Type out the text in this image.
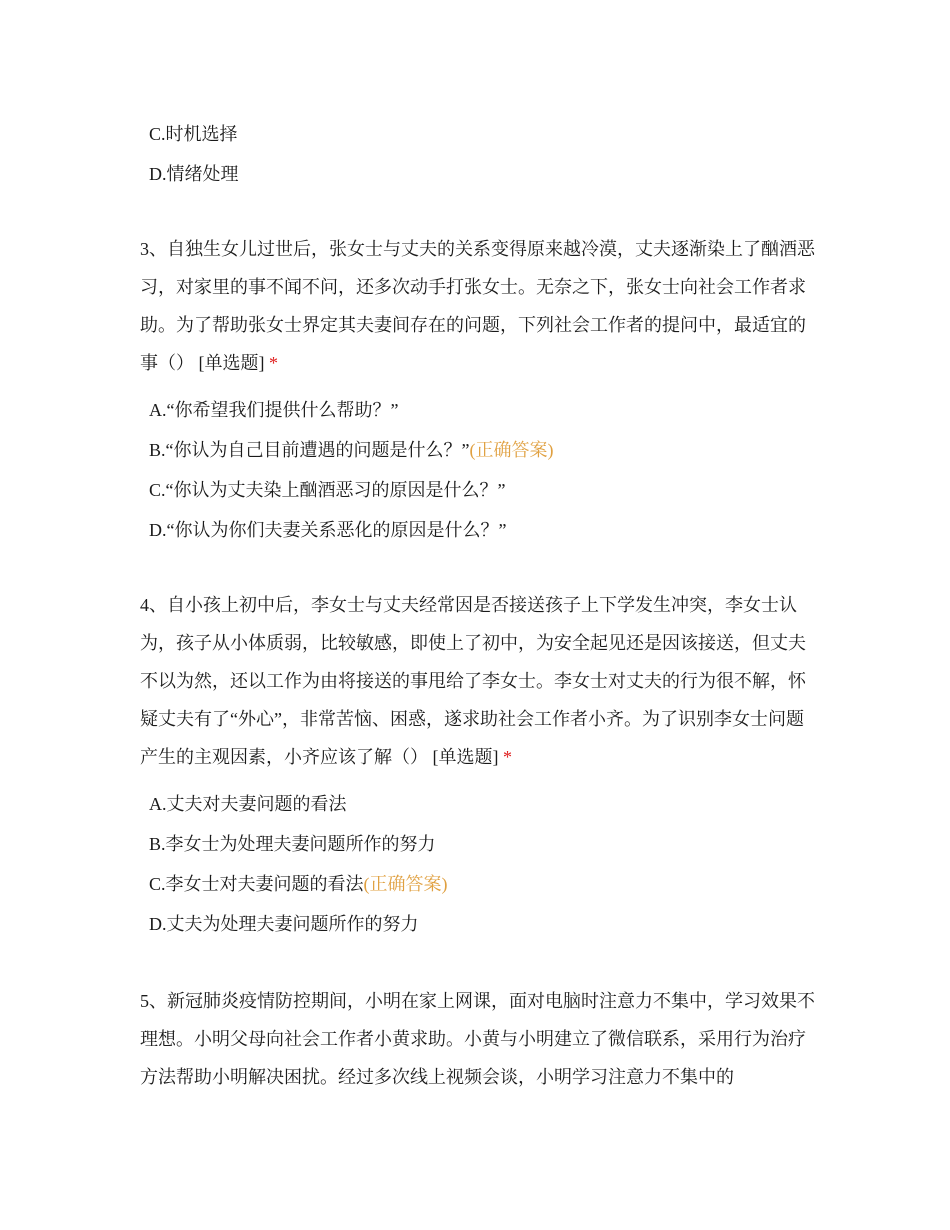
C.时机选择
D.情绪处理
3、自独生女儿过世后，张女士与丈夫的关系变得原来越冷漠，丈夫逐渐染上了酗酒恶习，对家里的事不闻不问，还多次动手打张女士。无奈之下，张女士向社会工作者求助。为了帮助张女士界定其夫妻间存在的问题，下列社会工作者的提问中，最适宜的事（） [单选题] *
A.“你希望我们提供什么帮助？”
B.“你认为自己目前遭遇的问题是什么？”(正确答案)
C.“你认为丈夫染上酗酒恶习的原因是什么？”
D.“你认为你们夫妻关系恶化的原因是什么？”
4、自小孩上初中后，李女士与丈夫经常因是否接送孩子上下学发生冲突，李女士认为，孩子从小体质弱，比较敏感，即使上了初中，为安全起见还是因该接送，但丈夫不以为然，还以工作为由将接送的事甩给了李女士。李女士对丈夫的行为很不解，怀疑丈夫有了“外心”，非常苦恼、困惑，遂求助社会工作者小齐。为了识别李女士问题产生的主观因素，小齐应该了解（） [单选题] *
A.丈夫对夫妻问题的看法
B.李女士为处理夫妻问题所作的努力
C.李女士对夫妻问题的看法(正确答案)
D.丈夫为处理夫妻问题所作的努力
5、新冠肺炎疫情防控期间，小明在家上网课，面对电脑时注意力不集中，学习效果不理想。小明父母向社会工作者小黄求助。小黄与小明建立了微信联系，采用行为治疗方法帮助小明解决困扰。经过多次线上视频会谈，小明学习注意力不集中的
